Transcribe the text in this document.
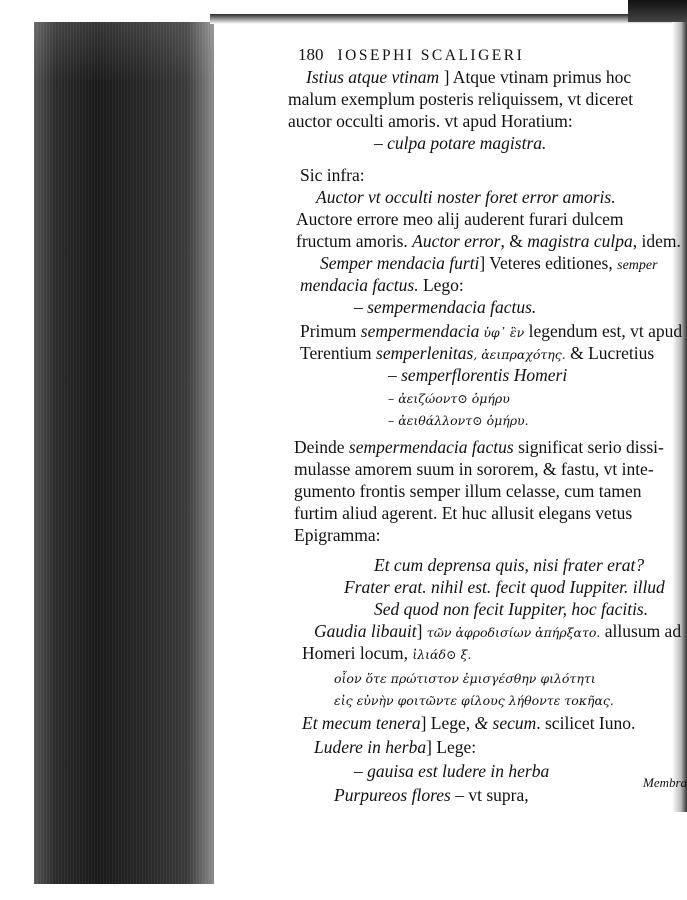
180 IOSEPHI SCALIGERI
Istius atque vtinam ] Atque vtinam primus hoc
malum exemplum posteris reliquissem, vt diceret
auctor occulti amoris. vt apud Horatium:
– culpa potare magistra.
Sic infra:
Auctor vt occulti noster foret error amoris.
Auctore errore meo alij auderent furari dulcem
fructum amoris. Auctor error, & magistra culpa, idem.
Semper mendacia furti] Veteres editiones, semper
mendacia factus. Lego:
– sempermendacia factus.
Primum sempermendacia ὑφ᾽ ἓν legendum est, vt apud
Terentium semperlenitas, ἀειπραχότης. & Lucretius
– semperflorentis Homeri
– ἀειζώοντ⊙ ὁμήρυ
– ἀειθάλλοντ⊙ ὁμήρυ.
Deinde sempermendacia factus significat serio dissi-
mulasse amorem suum in sororem, & fastu, vt inte-
gumento frontis semper illum celasse, cum tamen
furtim aliud agerent. Et huc allusit elegans vetus
Epigramma:
Et cum deprensa quis, nisi frater erat?
Frater erat. nihil est. fecit quod Iuppiter. illud
Sed quod non fecit Iuppiter, hoc facitis.
Gaudia libauit] τῶν ἀφροδισίων ἀπήρξατο. allusum ad
Homeri locum, ἰλιάδ⊙ ξ.
οἷον ὅτε πρώτιστον ἐμισγέσθην φιλότητι
εἰς εὐνὴν φοιτῶντε φίλους λήθοντε τοκῆας.
Et mecum tenera] Lege, & secum. scilicet Iuno.
Ludere in herba] Lege:
– gauisa est ludere in herba
Purpureos flores – vt supra,
Membra
